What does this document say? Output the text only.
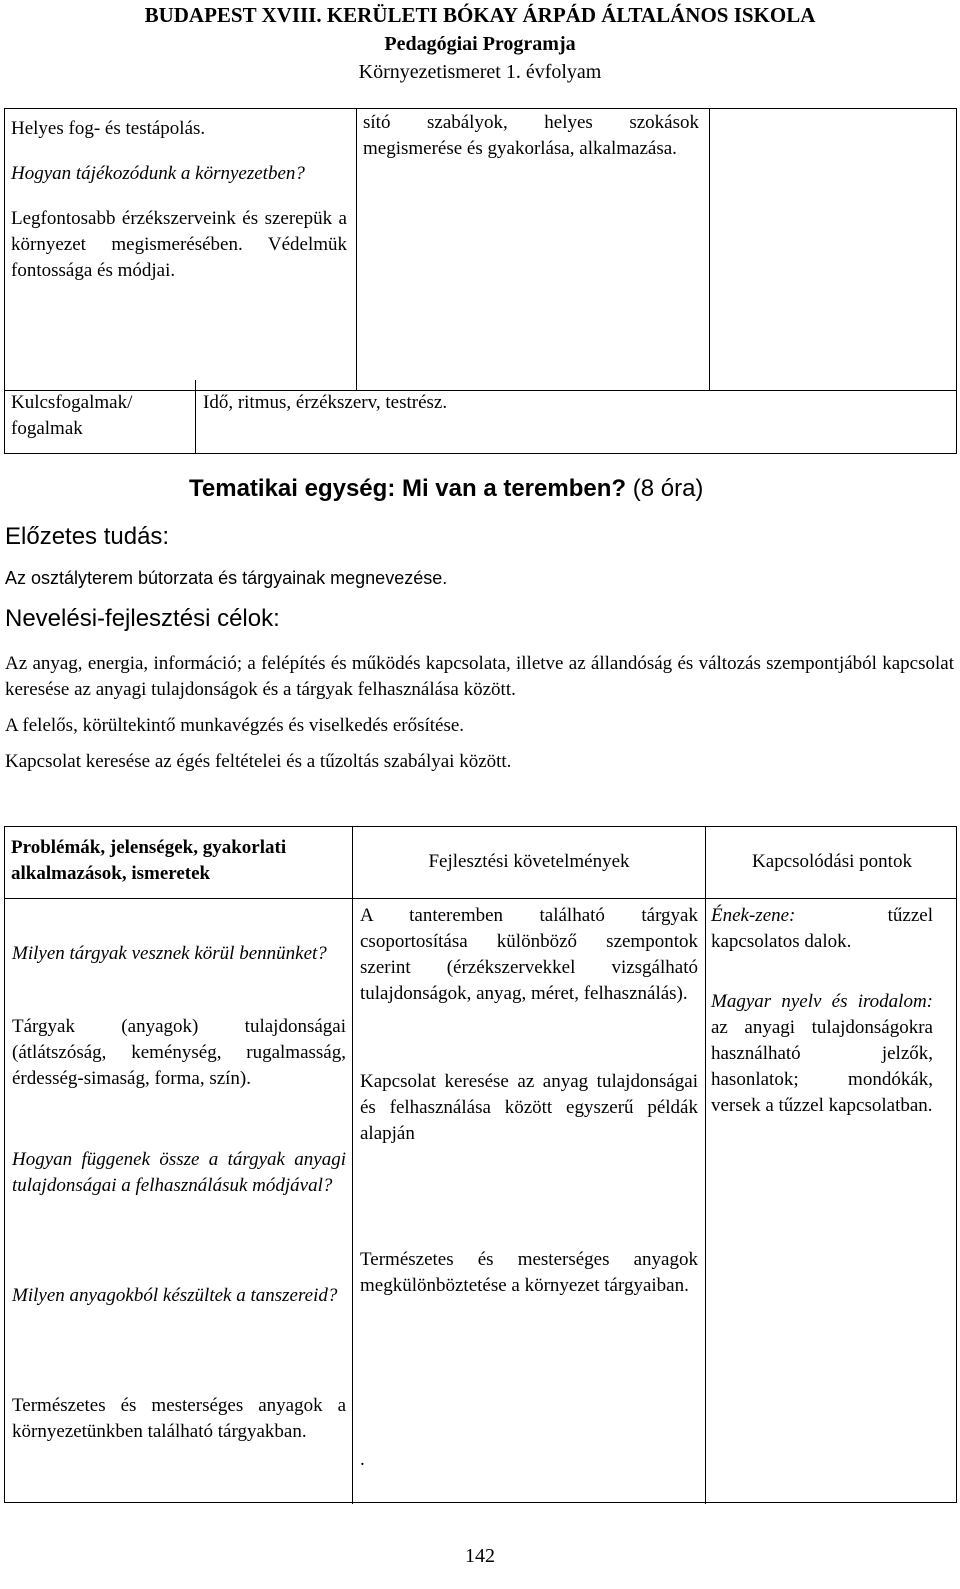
BUDAPEST XVIII. KERÜLETI BÓKAY ÁRPÁD ÁLTALÁNOS ISKOLA
Pedagógiai Programja
Környezetismeret 1. évfolyam

Helyes fog- és testápolás.

Hogyan tájékozódunk a környezetben?

Legfontosabb érzékszerveink és szerepük a környezet megismerésében. Védelmük fontossága és módjai.

sító szabályok, helyes szokások megismerése és gyakorlása, alkalmazása.
Kulcsfogalmak/ fogalmak
Idő, ritmus, érzékszerv, testrész.
Tematikai egység: Mi van a teremben? (8 óra)
Előzetes tudás:
Az osztályterem bútorzata és tárgyainak megnevezése.
Nevelési-fejlesztési célok:

Az anyag, energia, információ; a felépítés és működés kapcsolata, illetve az állandóság és változás szempontjából kapcsolat keresése az anyagi tulajdonságok és a tárgyak felhasználása között.

A felelős, körültekintő munkavégzés és viselkedés erősítése.

Kapcsolat keresése az égés feltételei és a tűzoltás szabályai között.

Problémák, jelenségek, gyakorlati alkalmazások, ismeretek
Fejlesztési követelmények	Kapcsolódási pontok
Milyen tárgyak vesznek körül bennünket?
Tárgyak (anyagok) tulajdonságai (átlátszóság, keménység, rugalmasság, érdesség-simaság, forma, szín).
Hogyan függenek össze a tárgyak anyagi tulajdonságai a felhasználásuk módjával?
Milyen anyagokból készültek a tanszereid?
Természetes és mesterséges anyagok a környezetünkben található tárgyakban.
A tanteremben található tárgyak csoportosítása különböző szempontok szerint (érzékszervekkel vizsgálható tulajdonságok, anyag, méret, felhasználás).
Kapcsolat keresése az anyag tulajdonságai és felhasználása között egyszerű példák alapján
Természetes és mesterséges anyagok megkülönböztetése a környezet tárgyaiban.
.
Ének-zene:	tűzzel kapcsolatos dalok.
Magyar nyelv és irodalom: az anyagi tulajdonságokra használható jelzők, hasonlatok; mondókák, versek a tűzzel kapcsolatban.
142
